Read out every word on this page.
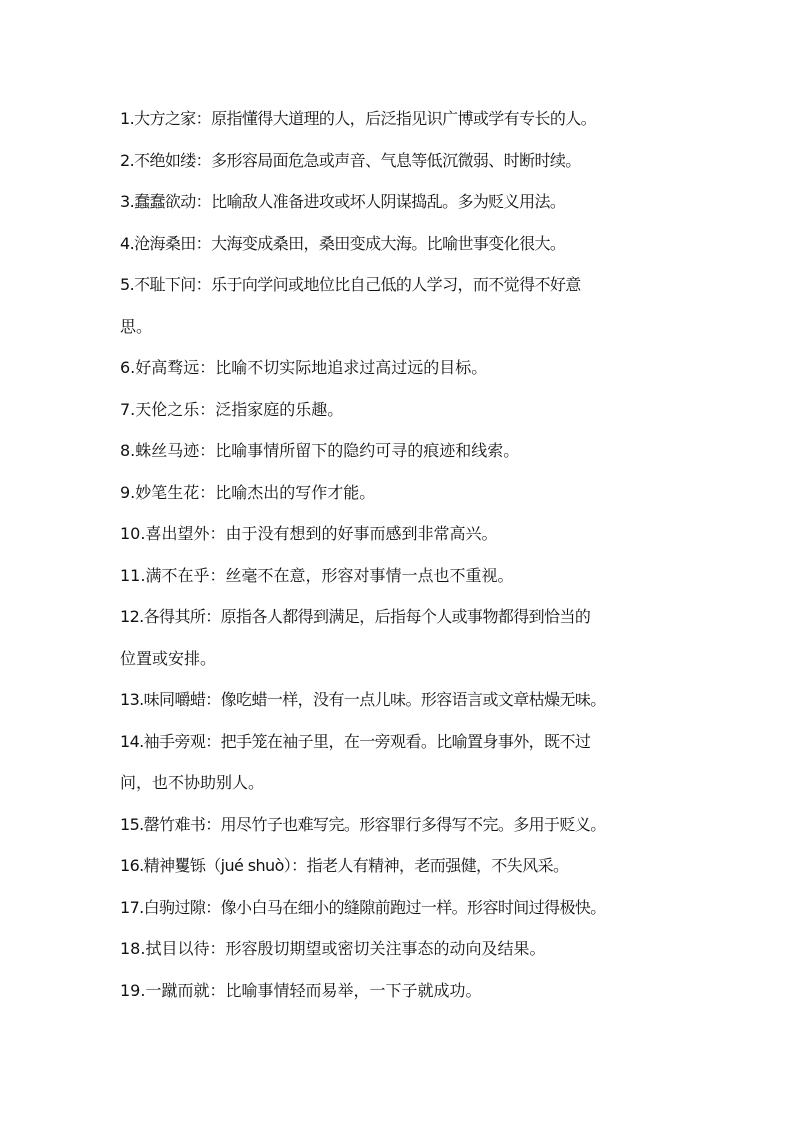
1.大方之家：原指懂得大道理的人，后泛指见识广博或学有专长的人。
2.不绝如缕：多形容局面危急或声音、气息等低沉微弱、时断时续。
3.蠢蠢欲动：比喻敌人准备进攻或坏人阴谋捣乱。多为贬义用法。
4.沧海桑田：大海变成桑田，桑田变成大海。比喻世事变化很大。
5.不耻下问：乐于向学问或地位比自己低的人学习，而不觉得不好意
思。
6.好高骛远：比喻不切实际地追求过高过远的目标。
7.天伦之乐：泛指家庭的乐趣。
8.蛛丝马迹：比喻事情所留下的隐约可寻的痕迹和线索。
9.妙笔生花：比喻杰出的写作才能。
10.喜出望外：由于没有想到的好事而感到非常高兴。
11.满不在乎：丝毫不在意，形容对事情一点也不重视。
12.各得其所：原指各人都得到满足，后指每个人或事物都得到恰当的
位置或安排。
13.味同嚼蜡：像吃蜡一样，没有一点儿味。形容语言或文章枯燥无味。
14.袖手旁观：把手笼在袖子里，在一旁观看。比喻置身事外，既不过
问，也不协助别人。
15.罄竹难书：用尽竹子也难写完。形容罪行多得写不完。多用于贬义。
16.精神矍铄（jué shuò）：指老人有精神，老而强健，不失风采。
17.白驹过隙：像小白马在细小的缝隙前跑过一样。形容时间过得极快。
18.拭目以待：形容殷切期望或密切关注事态的动向及结果。
19.一蹴而就：比喻事情轻而易举，一下子就成功。
